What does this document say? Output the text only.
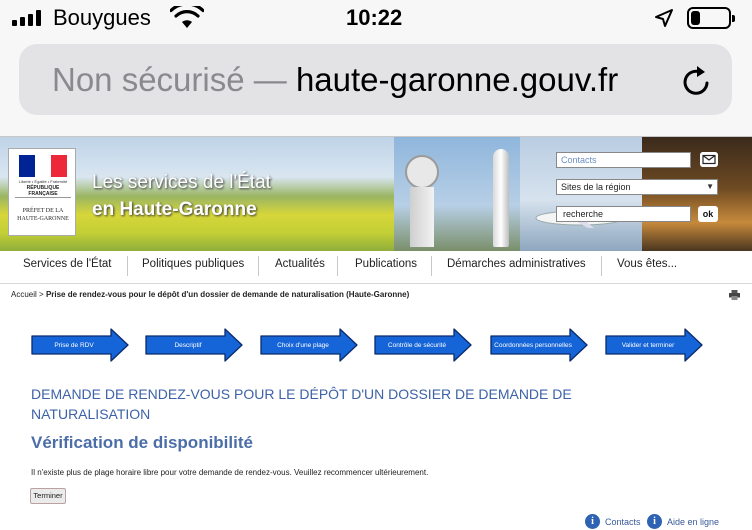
Bouygues	10:22
Non sécurisé — haute-garonne.gouv.fr
Liberté • Égalité • Fraternité
RÉPUBLIQUE FRANÇAISE
PRÉFET DE LA HAUTE-GARONNE
Les services de l'État
en Haute-Garonne
Contacts
Sites de la région	▼
recherche	ok
Services de l'État	Politiques publiques	Actualités	Publications	Démarches administratives	Vous êtes...
Accueil > Prise de rendez-vous pour le dépôt d'un dossier de demande de naturalisation (Haute-Garonne)
Prise de RDV	Descriptif	Choix d'une plage	Contrôle de sécurité	Coordonnées personnelles	Valider et terminer
DEMANDE DE RENDEZ-VOUS POUR LE DÉPÔT D'UN DOSSIER DE DEMANDE DE NATURALISATION
Vérification de disponibilité
Il n'existe plus de plage horaire libre pour votre demande de rendez-vous. Veuillez recommencer ultérieurement.
Terminer
i	Contacts	i	Aide en ligne
